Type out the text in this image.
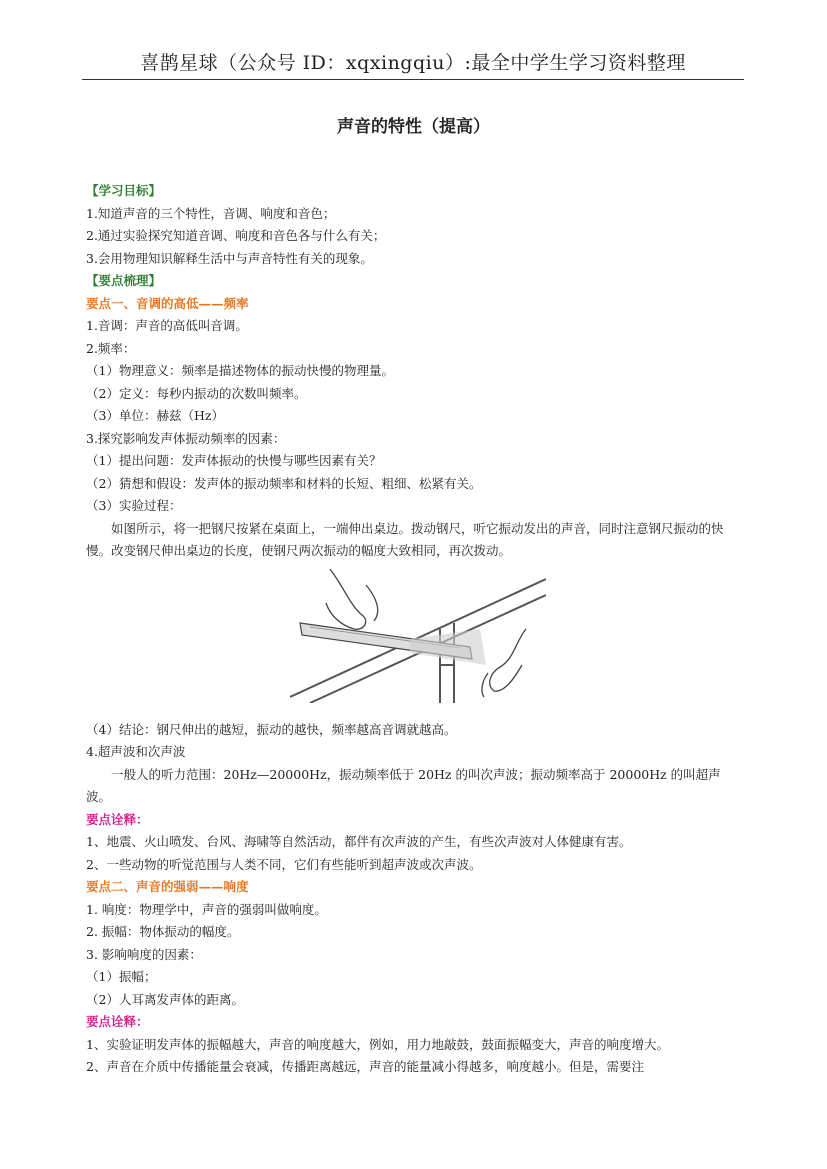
喜鹊星球（公众号 ID：xqxingqiu）:最全中学生学习资料整理
声音的特性（提高）

【学习目标】

1.知道声音的三个特性，音调、响度和音色；

2.通过实验探究知道音调、响度和音色各与什么有关；

3.会用物理知识解释生活中与声音特性有关的现象。

【要点梳理】

要点一、音调的高低——频率

1.音调：声音的高低叫音调。

2.频率：

（1）物理意义：频率是描述物体的振动快慢的物理量。

（2）定义：每秒内振动的次数叫频率。

（3）单位：赫兹（Hz）

3.探究影响发声体振动频率的因素：

（1）提出问题：发声体振动的快慢与哪些因素有关？

（2）猜想和假设：发声体的振动频率和材料的长短、粗细、松紧有关。

（3）实验过程：

如图所示，将一把钢尺按紧在桌面上，一端伸出桌边。拨动钢尺，听它振动发出的声音，同时注意钢尺振动的快慢。改变钢尺伸出桌边的长度，使钢尺两次振动的幅度大致相同，再次拨动。

（4）结论：钢尺伸出的越短，振动的越快，频率越高音调就越高。

4.超声波和次声波

一般人的听力范围：20Hz—20000Hz，振动频率低于 20Hz 的叫次声波；振动频率高于 20000Hz 的叫超声波。

要点诠释：

1、地震、火山喷发、台风、海啸等自然活动，都伴有次声波的产生，有些次声波对人体健康有害。

2、一些动物的听觉范围与人类不同，它们有些能听到超声波或次声波。

要点二、声音的强弱——响度

1. 响度：物理学中，声音的强弱叫做响度。

2. 振幅：物体振动的幅度。

3. 影响响度的因素：

（1）振幅；

（2）人耳离发声体的距离。

要点诠释：

1、实验证明发声体的振幅越大，声音的响度越大，例如，用力地敲鼓，鼓面振幅变大，声音的响度增大。

2、声音在介质中传播能量会衰减，传播距离越远，声音的能量减小得越多，响度越小。但是，需要注
